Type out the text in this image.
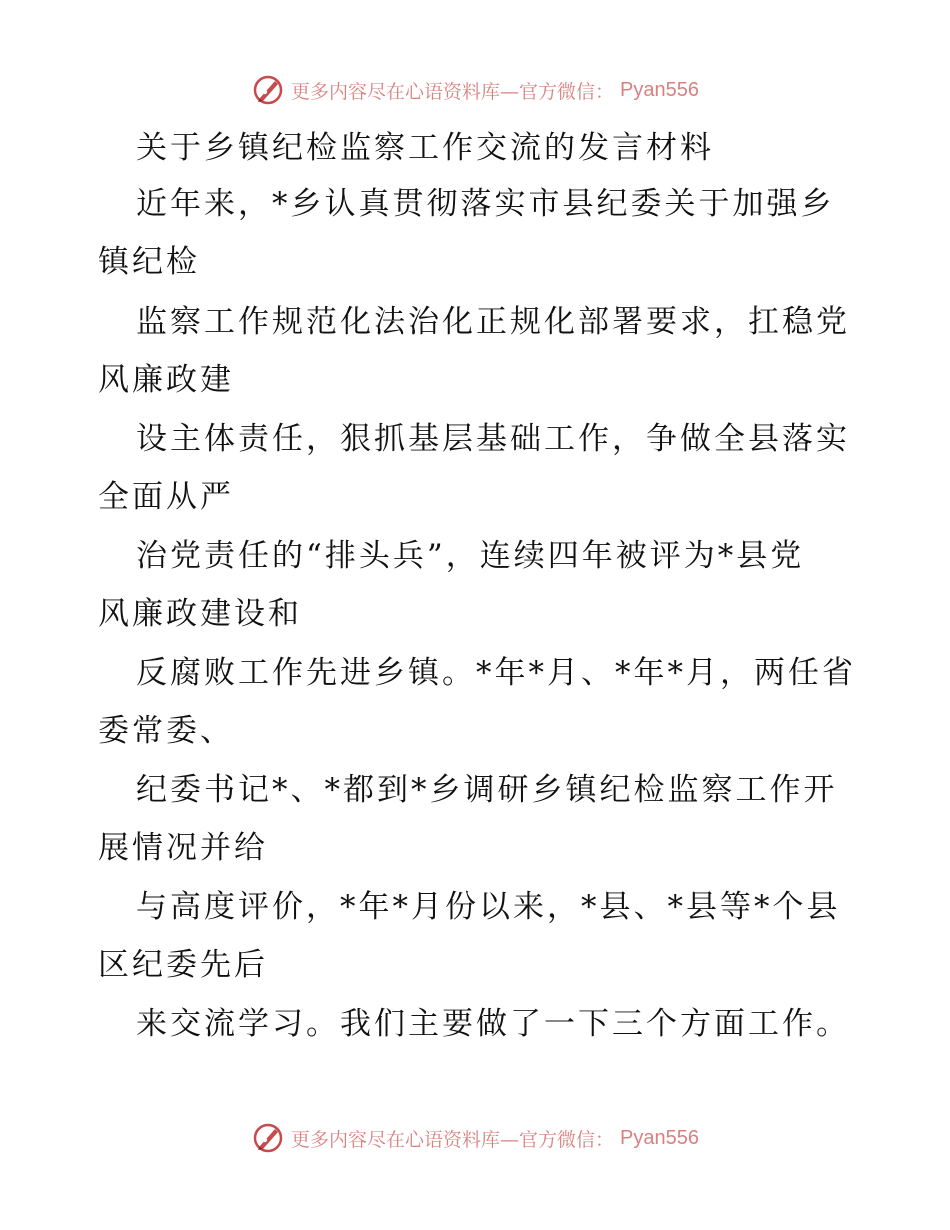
更多内容尽在心语资料库—官方微信： Pyan556
关于乡镇纪检监察工作交流的发言材料
近年来，*乡认真贯彻落实市县纪委关于加强乡
镇纪检
监察工作规范化法治化正规化部署要求，扛稳党
风廉政建
设主体责任，狠抓基层基础工作，争做全县落实
全面从严
治党责任的“排头兵”，连续四年被评为*县党
风廉政建设和
反腐败工作先进乡镇。*年*月、*年*月，两任省
委常委、
纪委书记*、*都到*乡调研乡镇纪检监察工作开
展情况并给
与高度评价，*年*月份以来，*县、*县等*个县
区纪委先后
来交流学习。我们主要做了一下三个方面工作。
更多内容尽在心语资料库—官方微信： Pyan556
